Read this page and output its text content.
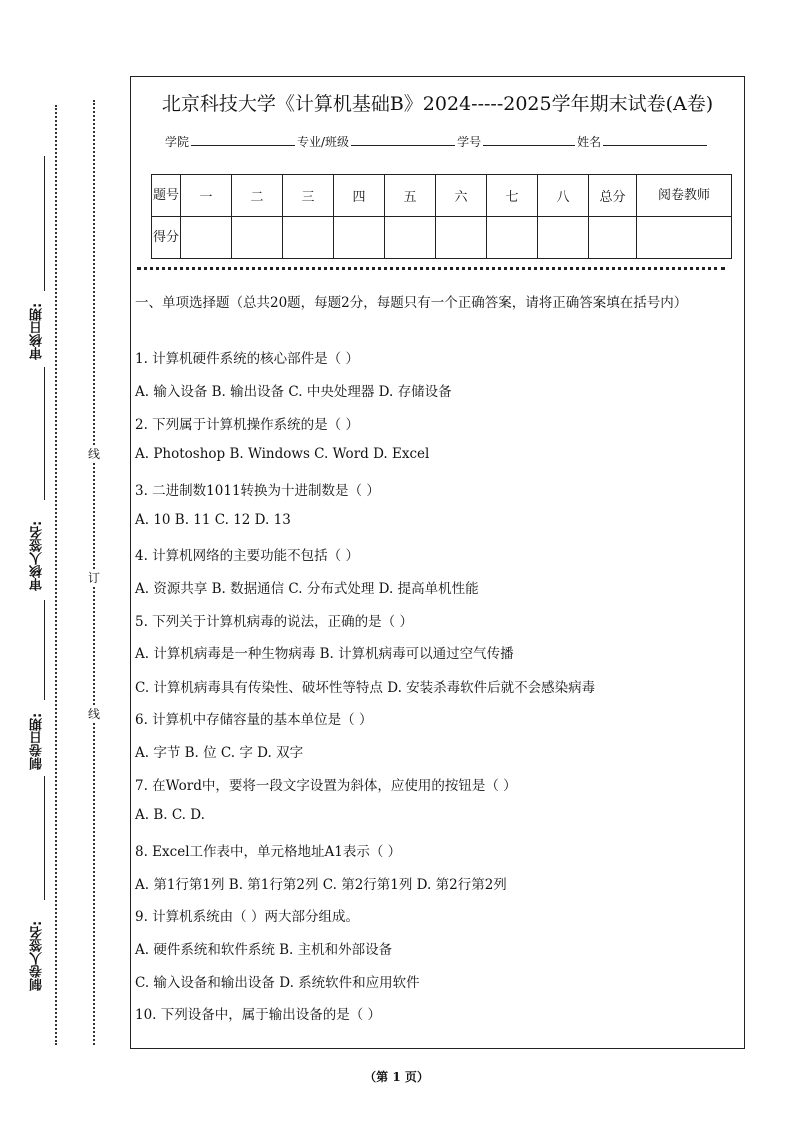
审核日期:
审核人签名:
制卷日期:
制卷人签名:
线
订
线
北京科技大学《计算机基础B》2024-----2025学年期末试卷(A卷)
学院	专业/班级	学号	姓名
题号	一	二	三	四	五	六	七	八	总分	阅卷教师
得分										
一、单项选择题（总共20题，每题2分，每题只有一个正确答案，请将正确答案填在括号内）
1. 计算机硬件系统的核心部件是（ ）
A. 输入设备 B. 输出设备 C. 中央处理器 D. 存储设备
2. 下列属于计算机操作系统的是（ ）
A. Photoshop B. Windows C. Word D. Excel
3. 二进制数1011转换为十进制数是（ ）
A. 10 B. 11 C. 12 D. 13
4. 计算机网络的主要功能不包括（ ）
A. 资源共享 B. 数据通信 C. 分布式处理 D. 提高单机性能
5. 下列关于计算机病毒的说法，正确的是（ ）
A. 计算机病毒是一种生物病毒 B. 计算机病毒可以通过空气传播
C. 计算机病毒具有传染性、破坏性等特点 D. 安装杀毒软件后就不会感染病毒
6. 计算机中存储容量的基本单位是（ ）
A. 字节 B. 位 C. 字 D. 双字
7. 在Word中，要将一段文字设置为斜体，应使用的按钮是（ ）
A. B. C. D.
8. Excel工作表中，单元格地址A1表示（ ）
A. 第1行第1列 B. 第1行第2列 C. 第2行第1列 D. 第2行第2列
9. 计算机系统由（ ）两大部分组成。
A. 硬件系统和软件系统 B. 主机和外部设备
C. 输入设备和输出设备 D. 系统软件和应用软件
10. 下列设备中，属于输出设备的是（ ）
（第 1 页）
